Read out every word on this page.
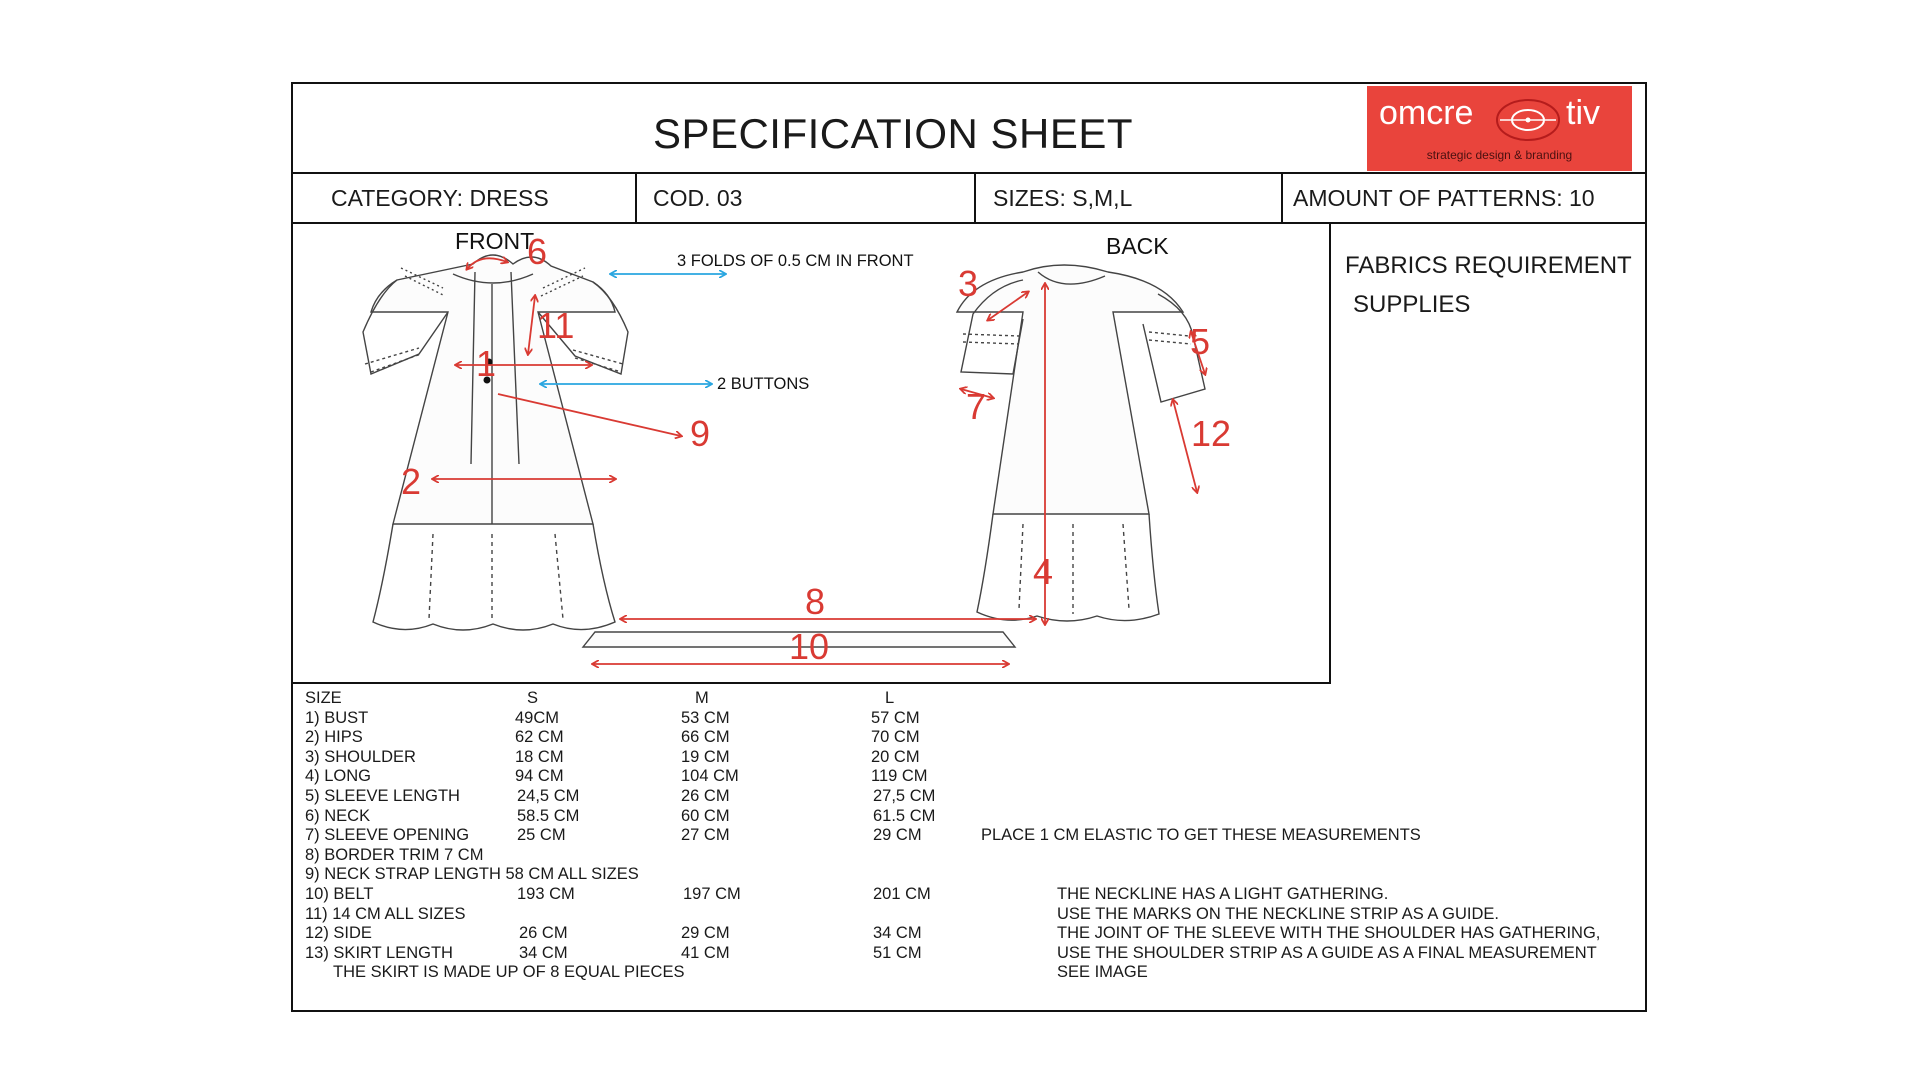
SPECIFICATION SHEET	omcre	tiv
strategic design & branding
CATEGORY: DRESS	COD. 03	SIZES: S,M,L	AMOUNT OF PATTERNS: 10
FABRICS REQUIREMENT
SUPPLIES
FRONT	BACK
3 FOLDS OF 0.5 CM IN FRONT
2 BUTTONS
1
2
3
4
5
6
7
8
9
10
11
12
SIZE	S	M	L
1) BUST	49CM	53 CM	57 CM
2) HIPS	62 CM	66 CM	70 CM
3) SHOULDER	18 CM	19 CM	20 CM
4) LONG	94 CM	104 CM	119 CM
5) SLEEVE LENGTH	24,5 CM	26 CM	27,5 CM
6) NECK	58.5 CM	60 CM	61.5 CM
7) SLEEVE OPENING	25 CM	27 CM	29 CM
8) BORDER TRIM 7 CM
9) NECK STRAP LENGTH 58 CM ALL SIZES
10) BELT	193 CM	197 CM	201 CM
11) 14 CM ALL SIZES
12) SIDE	26 CM	29 CM	34 CM
13) SKIRT LENGTH	34 CM	41 CM	51 CM
THE SKIRT IS MADE UP OF 8 EQUAL PIECES
PLACE 1 CM ELASTIC TO GET THESE MEASUREMENTS
THE NECKLINE HAS A LIGHT GATHERING.
USE THE MARKS ON THE NECKLINE STRIP AS A GUIDE.
THE JOINT OF THE SLEEVE WITH THE SHOULDER HAS GATHERING,
USE THE SHOULDER STRIP AS A GUIDE AS A FINAL MEASUREMENT
SEE IMAGE
